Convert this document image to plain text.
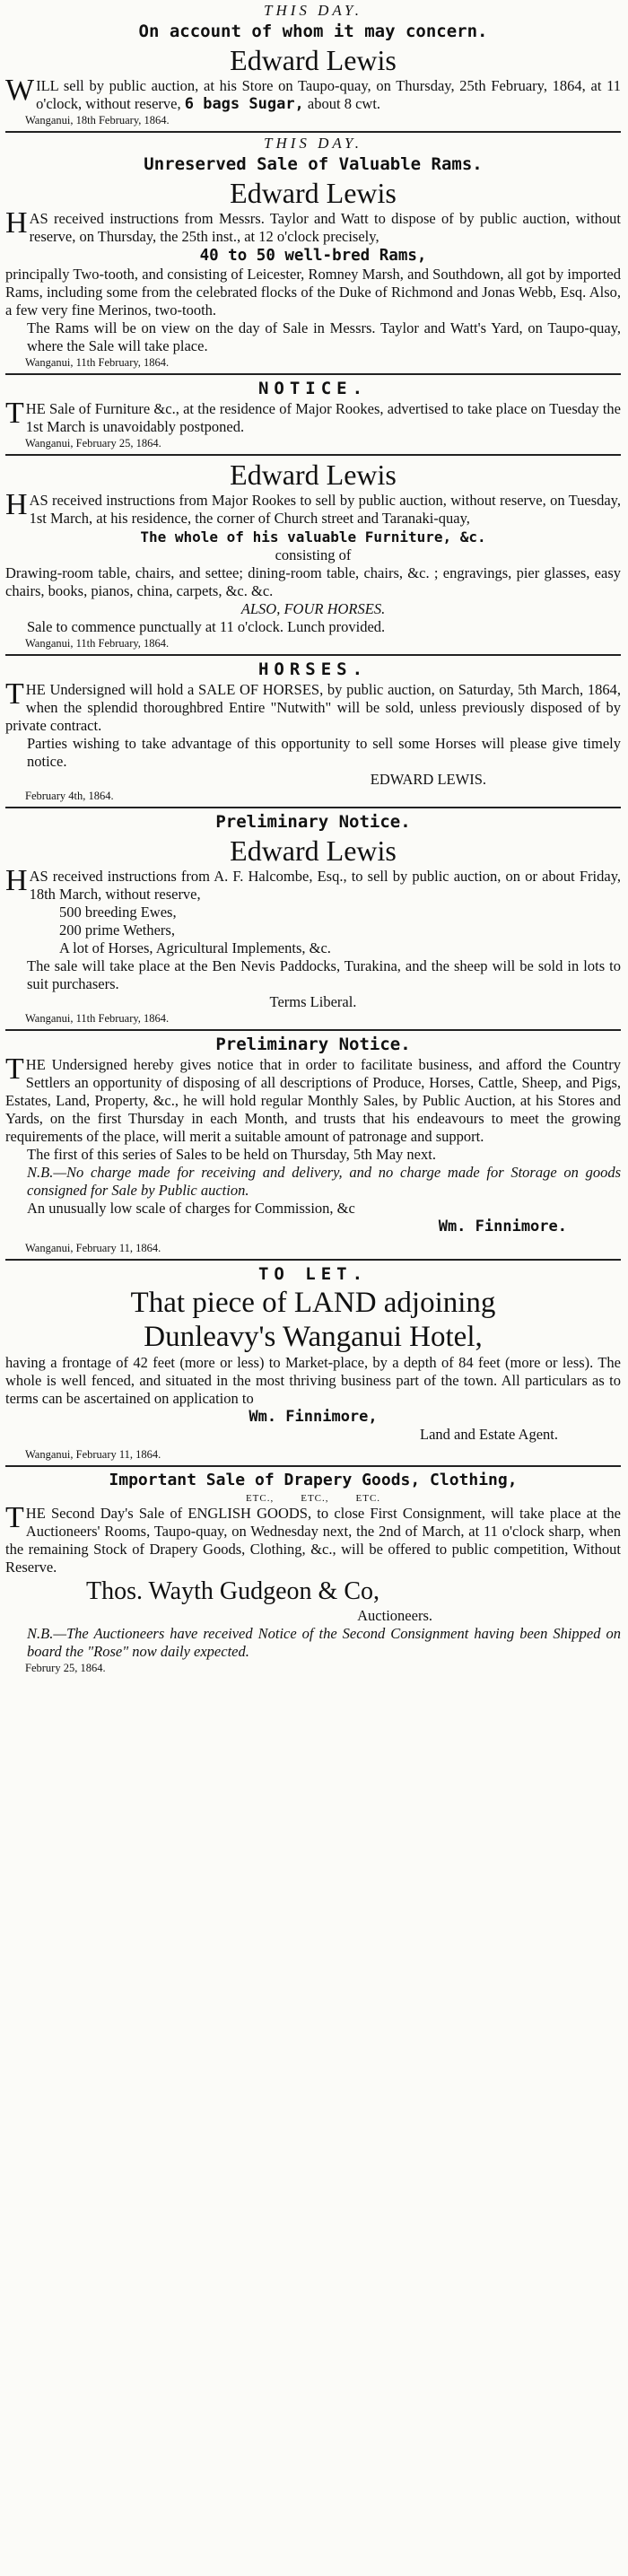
THIS DAY.
On account of whom it may concern.
Edward Lewis

WILL sell by public auction, at his Store on Taupo-quay, on Thursday, 25th February, 1864, at 11 o'clock, without reserve, 6 bags Sugar, about 8 cwt.

Wanganui, 18th February, 1864.
THIS DAY.
Unreserved Sale of Valuable Rams.
Edward Lewis

HAS received instructions from Messrs. Taylor and Watt to dispose of by public auction, without reserve, on Thursday, the 25th inst., at 12 o'clock precisely,

40 to 50 well-bred Rams,

principally Two-tooth, and consisting of Leicester, Romney Marsh, and Southdown, all got by imported Rams, including some from the celebrated flocks of the Duke of Richmond and Jonas Webb, Esq. Also, a few very fine Merinos, two-tooth.

The Rams will be on view on the day of Sale in Messrs. Taylor and Watt's Yard, on Taupo-quay, where the Sale will take place.

Wanganui, 11th February, 1864.
NOTICE.

THE Sale of Furniture &c., at the residence of Major Rookes, advertised to take place on Tuesday the 1st March is unavoidably postponed.

Wanganui, February 25, 1864.
Edward Lewis

HAS received instructions from Major Rookes to sell by public auction, without reserve, on Tuesday, 1st March, at his residence, the corner of Church street and Taranaki-quay,

The whole of his valuable Furniture, &c.

consisting of

Drawing-room table, chairs, and settee; dining-room table, chairs, &c. ; engravings, pier glasses, easy chairs, books, pianos, china, carpets, &c. &c.

ALSO, FOUR HORSES.

Sale to commence punctually at 11 o'clock. Lunch provided.

Wanganui, 11th February, 1864.
HORSES.

THE Undersigned will hold a SALE OF HORSES, by public auction, on Saturday, 5th March, 1864, when the splendid thoroughbred Entire "Nutwith" will be sold, unless previously disposed of by private contract.

Parties wishing to take advantage of this opportunity to sell some Horses will please give timely notice.

EDWARD LEWIS.

February 4th, 1864.
Preliminary Notice.
Edward Lewis

HAS received instructions from A. F. Halcombe, Esq., to sell by public auction, on or about Friday, 18th March, without reserve,

500 breeding Ewes,

200 prime Wethers,

A lot of Horses, Agricultural Implements, &c.

The sale will take place at the Ben Nevis Paddocks, Turakina, and the sheep will be sold in lots to suit purchasers.

Terms Liberal.

Wanganui, 11th February, 1864.
Preliminary Notice.

THE Undersigned hereby gives notice that in order to facilitate business, and afford the Country Settlers an opportunity of disposing of all descriptions of Produce, Horses, Cattle, Sheep, and Pigs, Estates, Land, Property, &c., he will hold regular Monthly Sales, by Public Auction, at his Stores and Yards, on the first Thursday in each Month, and trusts that his endeavours to meet the growing requirements of the place, will merit a suitable amount of patronage and support.

The first of this series of Sales to be held on Thursday, 5th May next.

N.B.—No charge made for receiving and delivery, and no charge made for Storage on goods consigned for Sale by Public auction.

An unusually low scale of charges for Commission, &c

Wm. Finnimore.

Wanganui, February 11, 1864.
TO LET.
That piece of LAND adjoining
Dunleavy's Wanganui Hotel,

having a frontage of 42 feet (more or less) to Market-place, by a depth of 84 feet (more or less). The whole is well fenced, and situated in the most thriving business part of the town. All particulars as to terms can be ascertained on application to

Wm. Finnimore,

Land and Estate Agent.

Wanganui, February 11, 1864.
Important Sale of Drapery Goods, Clothing,
ETC.,        ETC.,        ETC.

THE Second Day's Sale of ENGLISH GOODS, to close First Consignment, will take place at the Auctioneers' Rooms, Taupo-quay, on Wednesday next, the 2nd of March, at 11 o'clock sharp, when the remaining Stock of Drapery Goods, Clothing, &c., will be offered to public competition, Without Reserve.

Thos. Wayth Gudgeon & Co,

Auctioneers.

N.B.—The Auctioneers have received Notice of the Second Consignment having been Shipped on board the "Rose" now daily expected.

Februry 25, 1864.
